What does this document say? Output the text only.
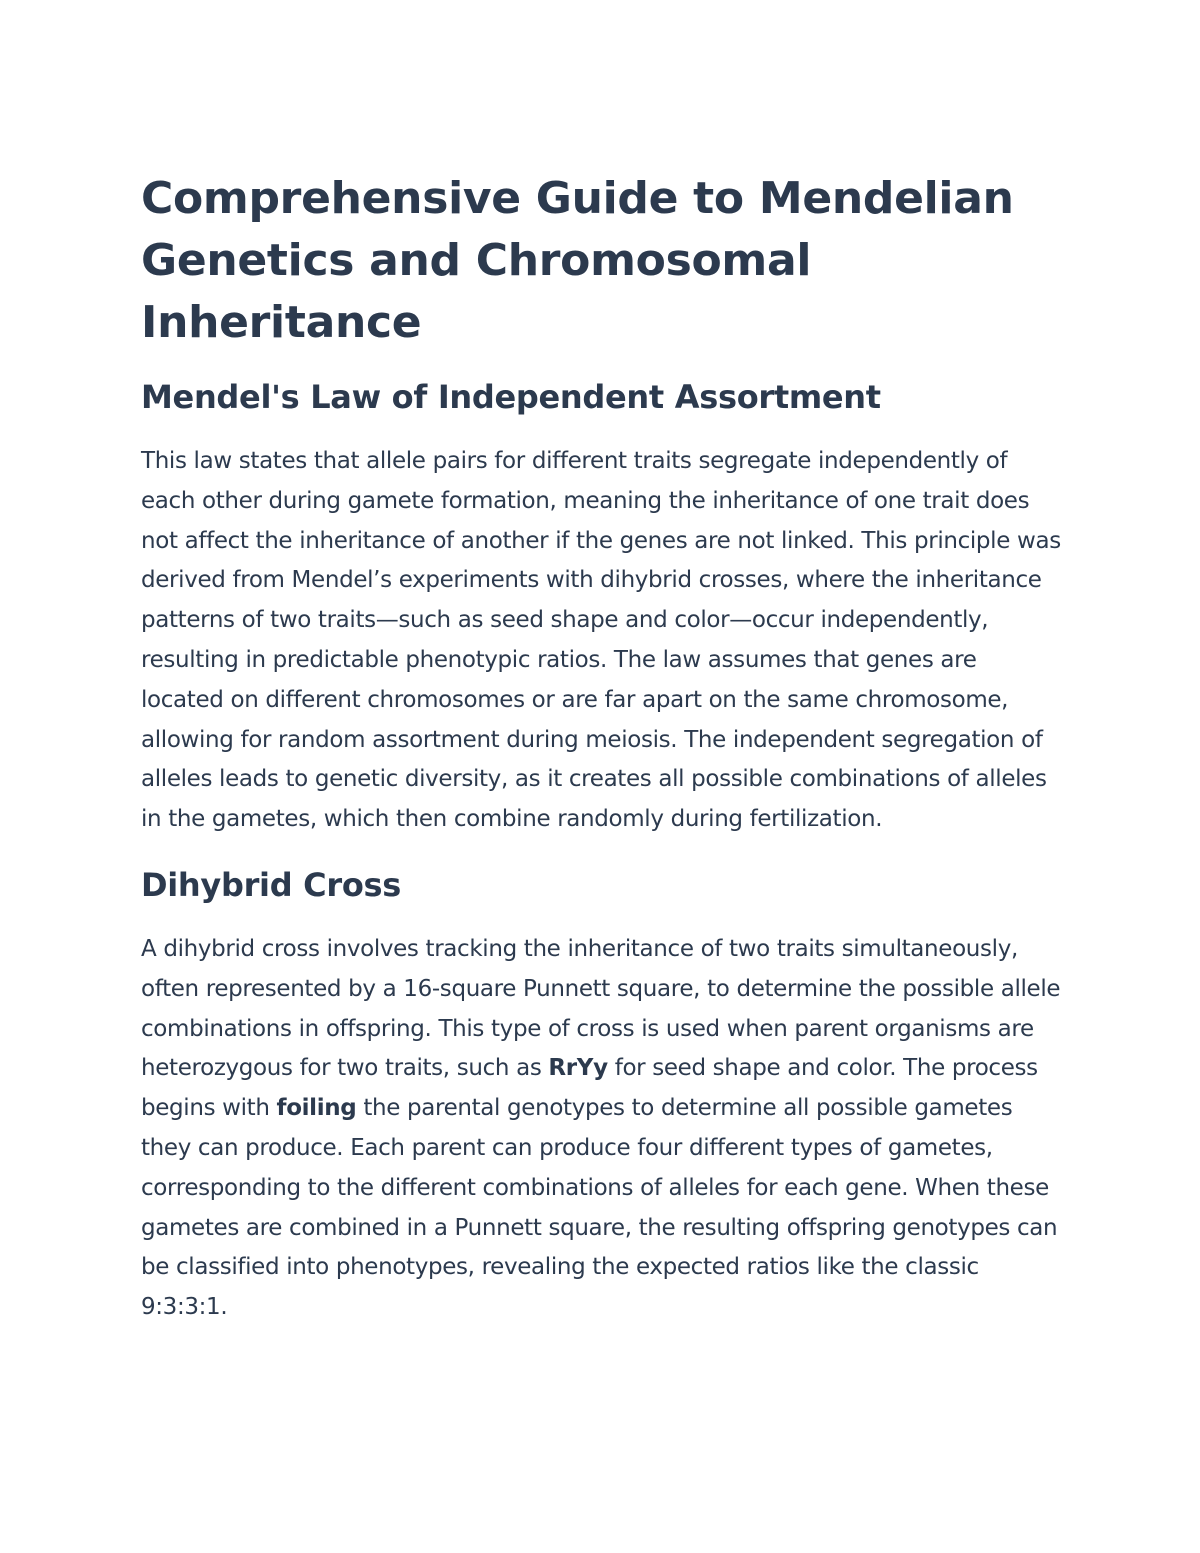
Comprehensive Guide to Mendelian Genetics and Chromosomal Inheritance
Mendel's Law of Independent Assortment

This law states that allele pairs for different traits segregate independently of each other during gamete formation, meaning the inheritance of one trait does not affect the inheritance of another if the genes are not linked. This principle was derived from Mendel’s experiments with dihybrid crosses, where the inheritance patterns of two traits—such as seed shape and color—occur independently, resulting in predictable phenotypic ratios. The law assumes that genes are located on different chromosomes or are far apart on the same chromosome, allowing for random assortment during meiosis. The independent segregation of alleles leads to genetic diversity, as it creates all possible combinations of alleles in the gametes, which then combine randomly during fertilization.

Dihybrid Cross

A dihybrid cross involves tracking the inheritance of two traits simultaneously, often represented by a 16-square Punnett square, to determine the possible allele combinations in offspring. This type of cross is used when parent organisms are heterozygous for two traits, such as RrYy for seed shape and color. The process begins with foiling the parental genotypes to determine all possible gametes they can produce. Each parent can produce four different types of gametes, corresponding to the different combinations of alleles for each gene. When these gametes are combined in a Punnett square, the resulting offspring genotypes can be classified into phenotypes, revealing the expected ratios like the classic 9:3:3:1.
